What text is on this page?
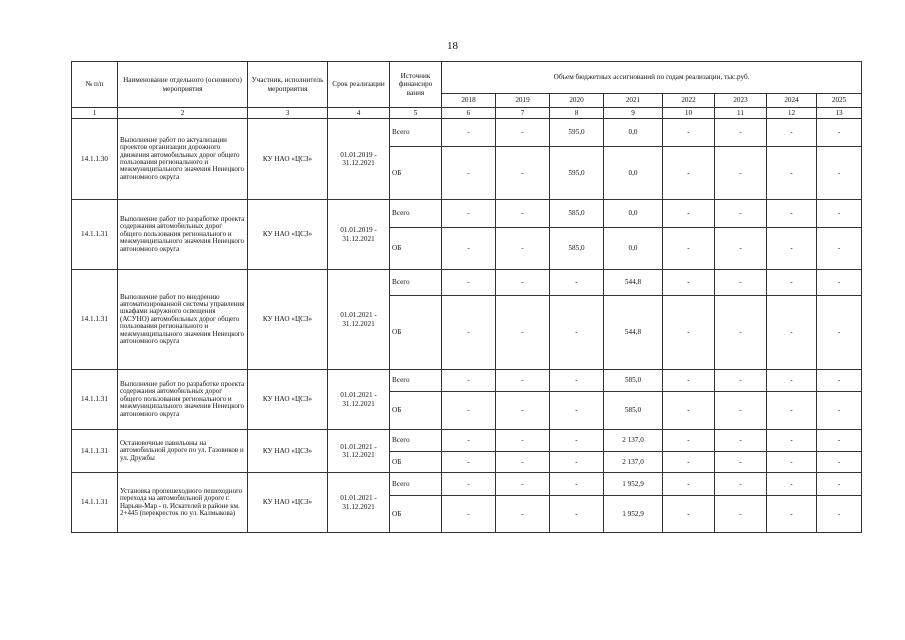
18
№ п/п	Наименование отдельного (основного) мероприятия	Участник, исполнитель мероприятия	Срок реализации	Источник финансиро вания	Объем бюджетных ассигнований по годам реализации, тыс.руб.							
					2018	2019	2020	2021	2022	2023	2024	2025
1	2	3	4	5	6	7	8	9	10	11	12	13
14.1.1.30	Выполнение работ по актуализации проектов организации дорожного движения автомобильных дорог общего пользования регионального и межмуниципального значения Ненецкого автономного округа	КУ НАО «ЦСЗ»	01.01.2019 - 31.12.2021	Всего	-	-	595,0	0,0	-	-	-	-
				ОБ	-	-	595,0	0,0	-	-	-	-
14.1.1.31	Выполнение работ по разработке проекта содержания автомобильных дорог общего пользования регионального и межмуниципального значения Ненецкого автономного округа	КУ НАО «ЦСЗ»	01.01.2019 - 31.12.2021	Всего	-	-	585,0	0,0	-	-	-	-
				ОБ	-	-	585,0	0,0	-	-	-	-
14.1.1.31	Выполнение работ по внедрению автоматизированной системы управления шкафами наружного освещения (АСУНО) автомобильных дорог общего пользования регионального и межмуниципального значения Ненецкого автономного округа	КУ НАО «ЦСЗ»	01.01.2021 - 31.12.2021	Всего	-	-	-	544,8	-	-	-	-
				ОБ	-	-	-	544,8	-	-	-	-
14.1.1.31	Выполнение работ по разработке проекта содержания автомобильных дорог общего пользования регионального и межмуниципального значения Ненецкого автономного округа	КУ НАО «ЦСЗ»	01.01.2021 - 31.12.2021	Всего	-	-	-	585,0	-	-	-	-
				ОБ	-	-	-	585,0	-	-	-	-
14.1.1.31	Остановочные павильоны на автомобильной дороге по ул. Газовиков и ул. Дружбы	КУ НАО «ЦСЗ»	01.01.2021 - 31.12.2021	Всего	-	-	-	2 137,0	-	-	-	-
				ОБ	-	-	-	2 137,0	-	-	-	-
14.1.1.31	Установка пропешеходного пешеходного перехода на автомобильной дороге г. Нарьян-Мар - п. Искателей в районе км. 2+445 (перекресток по ул. Калмыкова)	КУ НАО «ЦСЗ»	01.01.2021 - 31.12.2021	Всего	-	-	-	1 952,9	-	-	-	-
				ОБ	-	-	-	1 952,9	-	-	-	-
